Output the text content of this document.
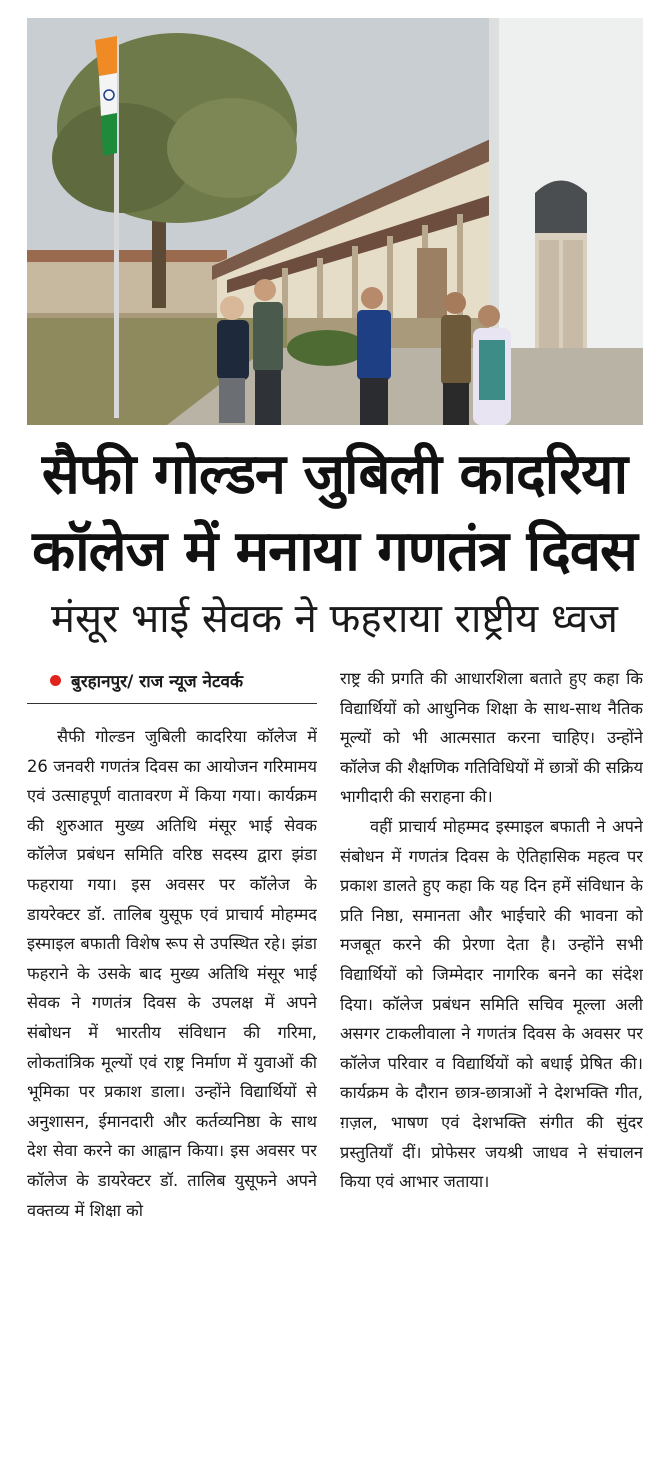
सैफी गोल्डन जुबिली कादरिया
कॉलेज में मनाया गणतंत्र दिवस
मंसूर भाई सेवक ने फहराया राष्ट्रीय ध्वज
बुरहानपुर/ राज न्यूज नेटवर्क

सैफी गोल्डन जुबिली कादरिया कॉलेज में 26 जनवरी गणतंत्र दिवस का आयोजन गरिमामय एवं उत्साहपूर्ण वातावरण में किया गया। कार्यक्रम की शुरुआत मुख्य अतिथि मंसूर भाई सेवक कॉलेज प्रबंधन समिति वरिष्ठ सदस्य द्वारा झंडा फहराया गया। इस अवसर पर कॉलेज के डायरेक्टर डॉ. तालिब युसूफ एवं प्राचार्य मोहम्मद इस्माइल बफाती विशेष रूप से उपस्थित रहे। झंडा फहराने के उसके बाद मुख्य अतिथि मंसूर भाई सेवक ने गणतंत्र दिवस के उपलक्ष में अपने संबोधन में भारतीय संविधान की गरिमा, लोकतांत्रिक मूल्यों एवं राष्ट्र निर्माण में युवाओं की भूमिका पर प्रकाश डाला। उन्होंने विद्यार्थियों से अनुशासन, ईमानदारी और कर्तव्यनिष्ठा के साथ देश सेवा करने का आह्वान किया। इस अवसर पर कॉलेज के डायरेक्टर डॉ. तालिब युसूफने अपने वक्तव्य में शिक्षा को

राष्ट्र की प्रगति की आधारशिला बताते हुए कहा कि विद्यार्थियों को आधुनिक शिक्षा के साथ-साथ नैतिक मूल्यों को भी आत्मसात करना चाहिए। उन्होंने कॉलेज की शैक्षणिक गतिविधियों में छात्रों की सक्रिय भागीदारी की सराहना की।

वहीं प्राचार्य मोहम्मद इस्माइल बफाती ने अपने संबोधन में गणतंत्र दिवस के ऐतिहासिक महत्व पर प्रकाश डालते हुए कहा कि यह दिन हमें संविधान के प्रति निष्ठा, समानता और भाईचारे की भावना को मजबूत करने की प्रेरणा देता है। उन्होंने सभी विद्यार्थियों को जिम्मेदार नागरिक बनने का संदेश दिया। कॉलेज प्रबंधन समिति सचिव मूल्ला अली असगर टाकलीवाला ने गणतंत्र दिवस के अवसर पर कॉलेज परिवार व विद्यार्थियों को बधाई प्रेषित की। कार्यक्रम के दौरान छात्र-छात्राओं ने देशभक्ति गीत, ग़ज़ल, भाषण एवं देशभक्ति संगीत की सुंदर प्रस्तुतियाँ दीं। प्रोफेसर जयश्री जाधव ने संचालन किया एवं आभार जताया।
